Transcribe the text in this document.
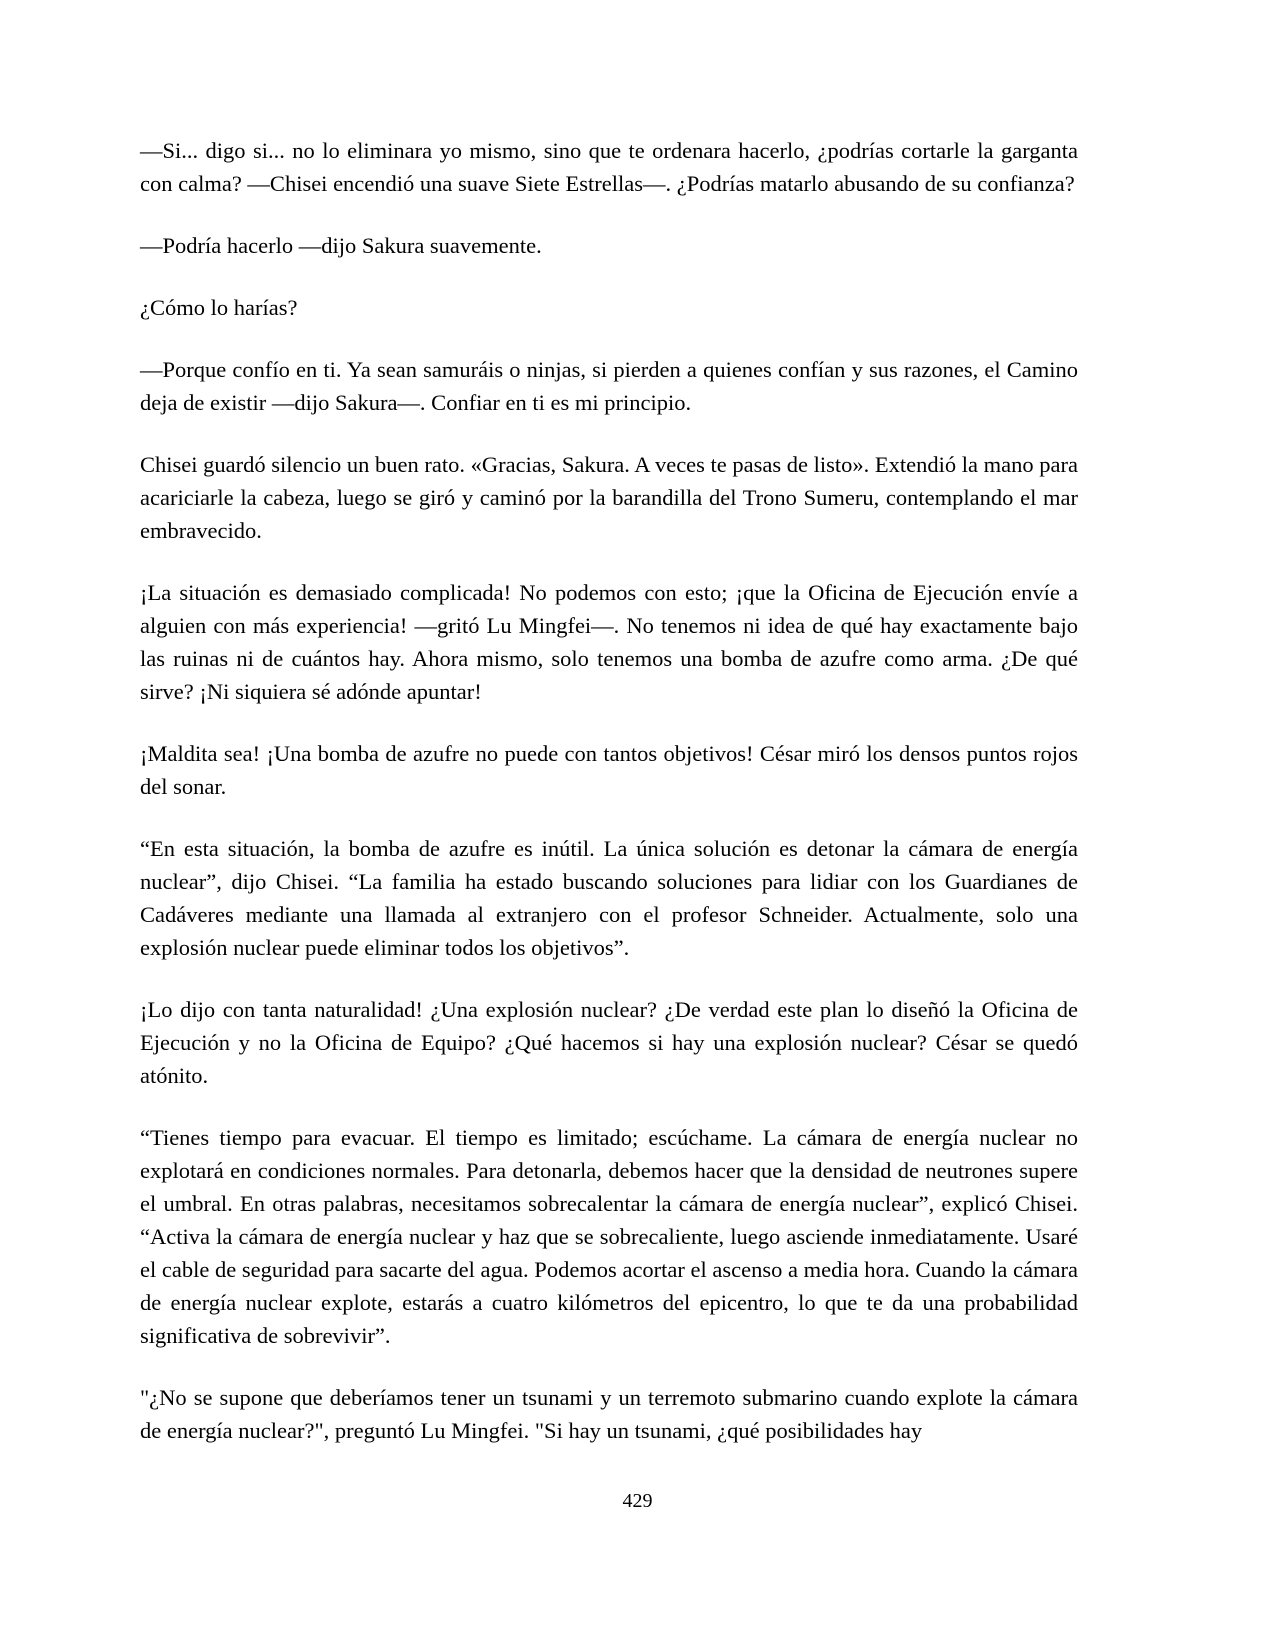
—Si... digo si... no lo eliminara yo mismo, sino que te ordenara hacerlo, ¿podrías cortarle la garganta con calma? —Chisei encendió una suave Siete Estrellas—. ¿Podrías matarlo abusando de su confianza?

—Podría hacerlo —dijo Sakura suavemente.

¿Cómo lo harías?

—Porque confío en ti. Ya sean samuráis o ninjas, si pierden a quienes confían y sus razones, el Camino deja de existir —dijo Sakura—. Confiar en ti es mi principio.

Chisei guardó silencio un buen rato. «Gracias, Sakura. A veces te pasas de listo». Extendió la mano para acariciarle la cabeza, luego se giró y caminó por la barandilla del Trono Sumeru, contemplando el mar embravecido.

¡La situación es demasiado complicada! No podemos con esto; ¡que la Oficina de Ejecución envíe a alguien con más experiencia! —gritó Lu Mingfei—. No tenemos ni idea de qué hay exactamente bajo las ruinas ni de cuántos hay. Ahora mismo, solo tenemos una bomba de azufre como arma. ¿De qué sirve? ¡Ni siquiera sé adónde apuntar!

¡Maldita sea! ¡Una bomba de azufre no puede con tantos objetivos! César miró los densos puntos rojos del sonar.

“En esta situación, la bomba de azufre es inútil. La única solución es detonar la cámara de energía nuclear”, dijo Chisei. “La familia ha estado buscando soluciones para lidiar con los Guardianes de Cadáveres mediante una llamada al extranjero con el profesor Schneider. Actualmente, solo una explosión nuclear puede eliminar todos los objetivos”.

¡Lo dijo con tanta naturalidad! ¿Una explosión nuclear? ¿De verdad este plan lo diseñó la Oficina de Ejecución y no la Oficina de Equipo? ¿Qué hacemos si hay una explosión nuclear? César se quedó atónito.

“Tienes tiempo para evacuar. El tiempo es limitado; escúchame. La cámara de energía nuclear no explotará en condiciones normales. Para detonarla, debemos hacer que la densidad de neutrones supere el umbral. En otras palabras, necesitamos sobrecalentar la cámara de energía nuclear”, explicó Chisei. “Activa la cámara de energía nuclear y haz que se sobrecaliente, luego asciende inmediatamente. Usaré el cable de seguridad para sacarte del agua. Podemos acortar el ascenso a media hora. Cuando la cámara de energía nuclear explote, estarás a cuatro kilómetros del epicentro, lo que te da una probabilidad significativa de sobrevivir”.

"¿No se supone que deberíamos tener un tsunami y un terremoto submarino cuando explote la cámara de energía nuclear?", preguntó Lu Mingfei. "Si hay un tsunami, ¿qué posibilidades hay

429
